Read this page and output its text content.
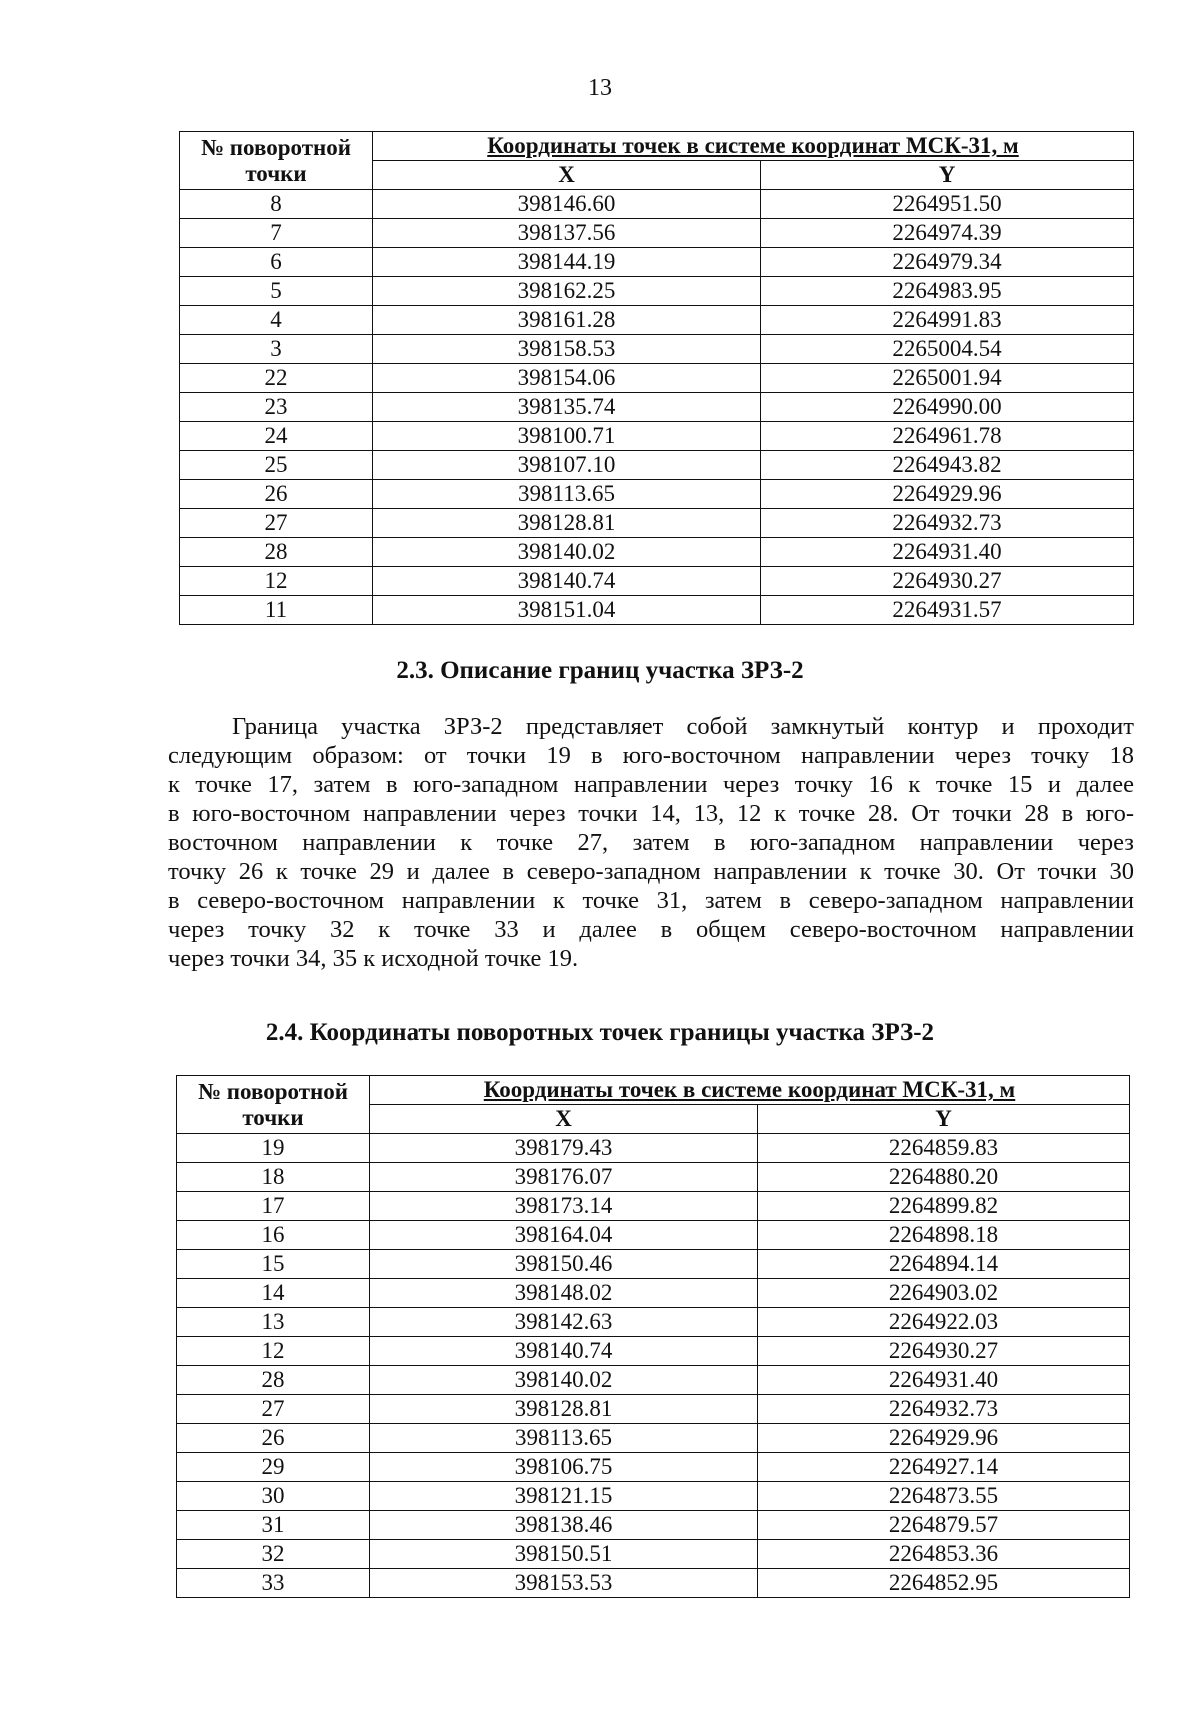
13
№ поворотной точки	Координаты точек в системе координат МСК-31, м	
	X	Y
8	398146.60	2264951.50
7	398137.56	2264974.39
6	398144.19	2264979.34
5	398162.25	2264983.95
4	398161.28	2264991.83
3	398158.53	2265004.54
22	398154.06	2265001.94
23	398135.74	2264990.00
24	398100.71	2264961.78
25	398107.10	2264943.82
26	398113.65	2264929.96
27	398128.81	2264932.73
28	398140.02	2264931.40
12	398140.74	2264930.27
11	398151.04	2264931.57
2.3. Описание границ участка ЗРЗ-2
Граница участка ЗРЗ-2 представляет собой замкнутый контур и проходит
следующим образом: от точки 19 в юго-восточном направлении через точку 18
к точке 17, затем в юго-западном направлении через точку 16 к точке 15 и далее
в юго-восточном направлении через точки 14, 13, 12 к точке 28. От точки 28 в юго-
восточном направлении к точке 27, затем в юго-западном направлении через
точку 26 к точке 29 и далее в северо-западном направлении к точке 30. От точки 30
в северо-восточном направлении к точке 31, затем в северо-западном направлении
через точку 32 к точке 33 и далее в общем северо-восточном направлении
через точки 34, 35 к исходной точке 19.
2.4. Координаты поворотных точек границы участка ЗРЗ-2
№ поворотной точки	Координаты точек в системе координат МСК-31, м	
	X	Y
19	398179.43	2264859.83
18	398176.07	2264880.20
17	398173.14	2264899.82
16	398164.04	2264898.18
15	398150.46	2264894.14
14	398148.02	2264903.02
13	398142.63	2264922.03
12	398140.74	2264930.27
28	398140.02	2264931.40
27	398128.81	2264932.73
26	398113.65	2264929.96
29	398106.75	2264927.14
30	398121.15	2264873.55
31	398138.46	2264879.57
32	398150.51	2264853.36
33	398153.53	2264852.95
